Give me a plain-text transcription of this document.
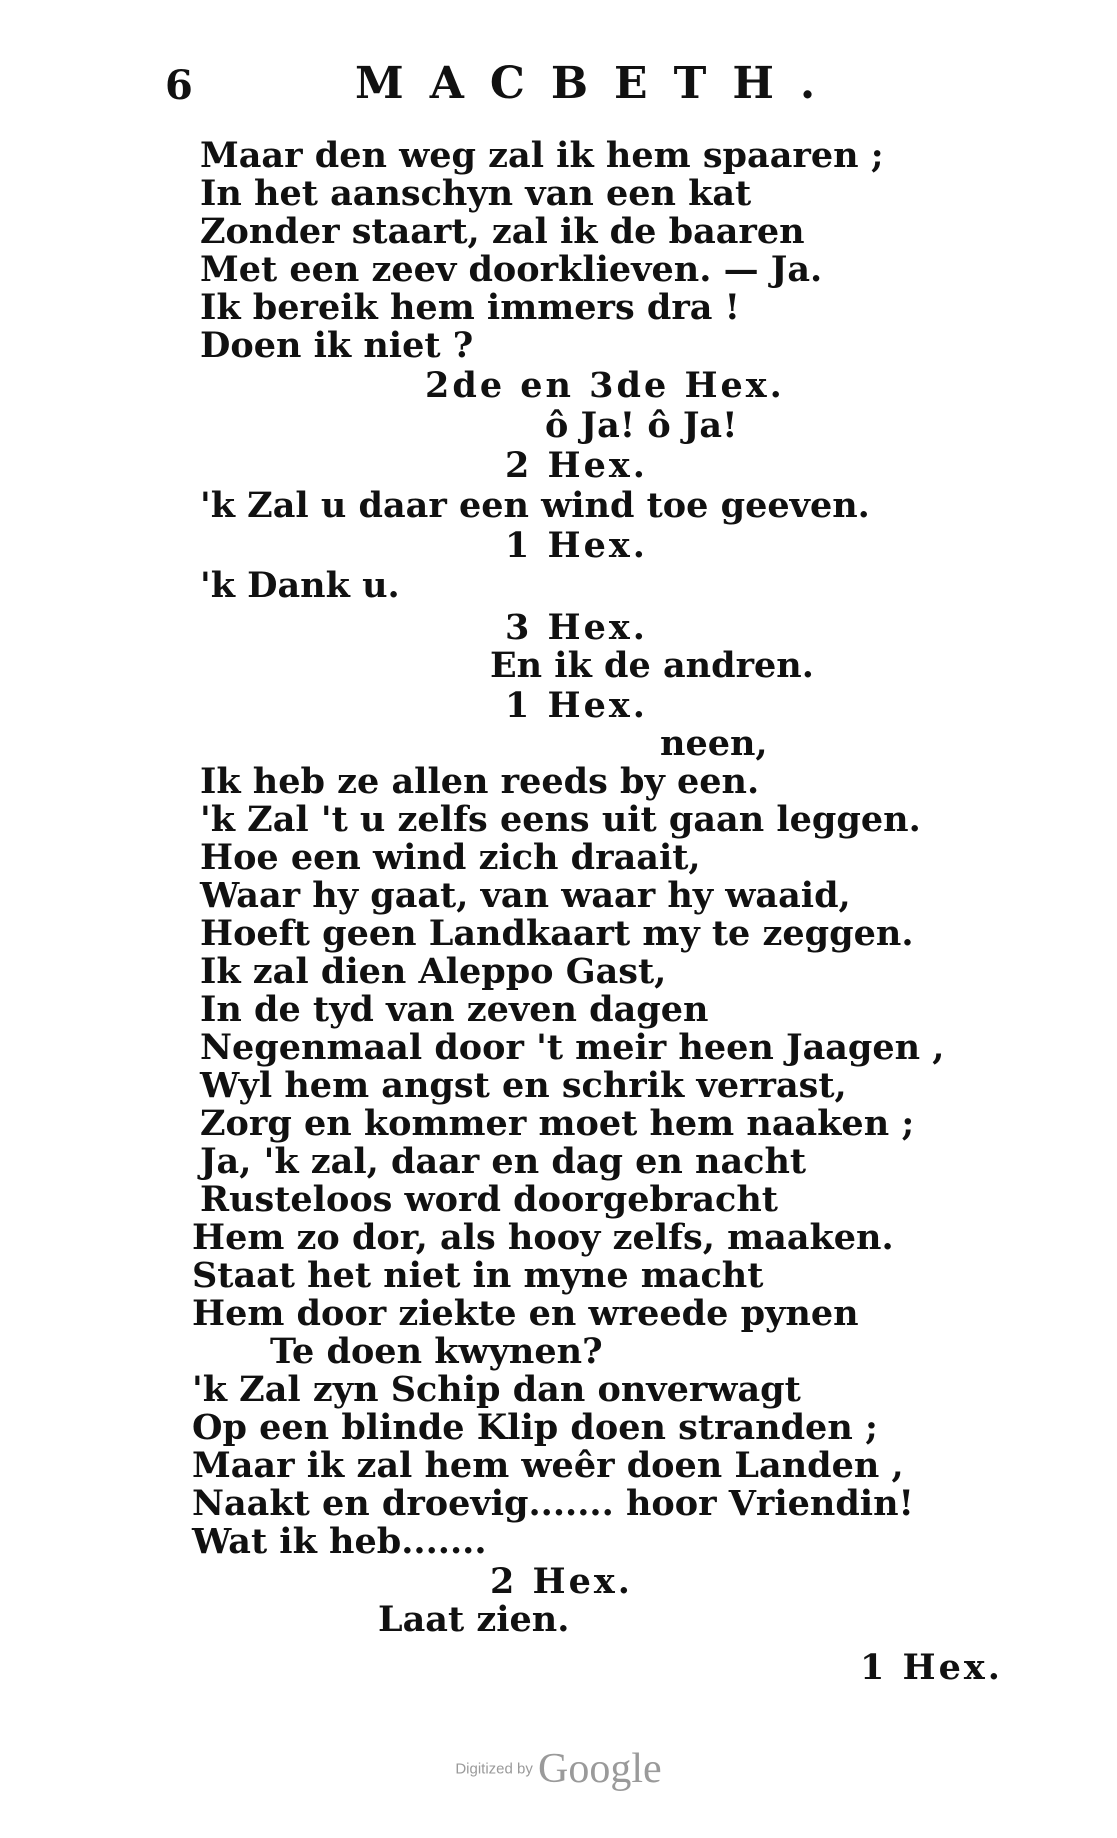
6	MACBETH.
Maar den weg zal ik hem spaaren ;
In het aanschyn van een kat
Zonder staart, zal ik de baaren
Met een zeev doorklieven. — Ja.
Ik bereik hem immers dra !
Doen ik niet ?
2de en 3de Hex.
ô Ja! ô Ja!
2 Hex.
'k Zal u daar een wind toe geeven.
1 Hex.
'k Dank u.
3 Hex.
En ik de andren.
1 Hex.
neen,
Ik heb ze allen reeds by een.
'k Zal 't u zelfs eens uit gaan leggen.
Hoe een wind zich draait,
Waar hy gaat, van waar hy waaid,
Hoeft geen Landkaart my te zeggen.
Ik zal dien Aleppo Gast,
In de tyd van zeven dagen
Negenmaal door 't meir heen Jaagen ,
Wyl hem angst en schrik verrast,
Zorg en kommer moet hem naaken ;
Ja, 'k zal, daar en dag en nacht
Rusteloos word doorgebracht
Hem zo dor, als hooy zelfs, maaken.
Staat het niet in myne macht
Hem door ziekte en wreede pynen
Te doen kwynen?
'k Zal zyn Schip dan onverwagt
Op een blinde Klip doen stranden ;
Maar ik zal hem weêr doen Landen ,
Naakt en droevig....... hoor Vriendin!
Wat ik heb.......
2 Hex.
Laat zien.
1 Hex.
Digitized by Google
